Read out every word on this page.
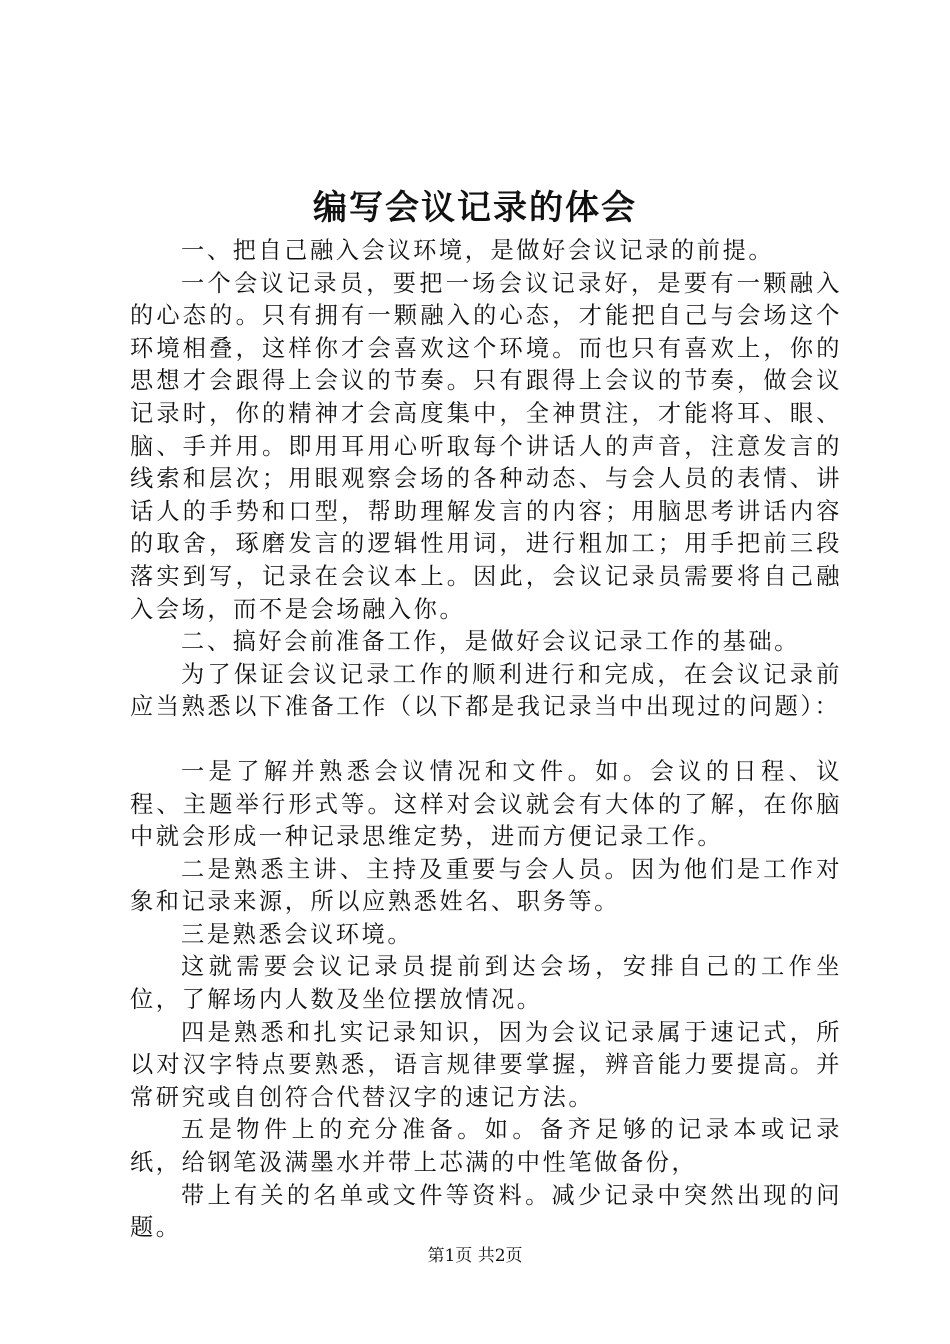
编写会议记录的体会

一、把自己融入会议环境，是做好会议记录的前提。

一个会议记录员，要把一场会议记录好，是要有一颗融入的心态的。只有拥有一颗融入的心态，才能把自己与会场这个环境相叠，这样你才会喜欢这个环境。而也只有喜欢上，你的思想才会跟得上会议的节奏。只有跟得上会议的节奏，做会议记录时，你的精神才会高度集中，全神贯注，才能将耳、眼、脑、手并用。即用耳用心听取每个讲话人的声音，注意发言的线索和层次；用眼观察会场的各种动态、与会人员的表情、讲话人的手势和口型，帮助理解发言的内容；用脑思考讲话内容的取舍，琢磨发言的逻辑性用词，进行粗加工；用手把前三段落实到写，记录在会议本上。因此，会议记录员需要将自己融入会场，而不是会场融入你。

二、搞好会前准备工作，是做好会议记录工作的基础。

为了保证会议记录工作的顺利进行和完成，在会议记录前应当熟悉以下准备工作（以下都是我记录当中出现过的问题）：

一是了解并熟悉会议情况和文件。如。会议的日程、议程、主题举行形式等。这样对会议就会有大体的了解，在你脑中就会形成一种记录思维定势，进而方便记录工作。

二是熟悉主讲、主持及重要与会人员。因为他们是工作对象和记录来源，所以应熟悉姓名、职务等。

三是熟悉会议环境。

这就需要会议记录员提前到达会场，安排自己的工作坐位，了解场内人数及坐位摆放情况。

四是熟悉和扎实记录知识，因为会议记录属于速记式，所以对汉字特点要熟悉，语言规律要掌握，辨音能力要提高。并常研究或自创符合代替汉字的速记方法。

五是物件上的充分准备。如。备齐足够的记录本或记录纸，给钢笔汲满墨水并带上芯满的中性笔做备份，

带上有关的名单或文件等资料。减少记录中突然出现的问题。

第1页 共2页
